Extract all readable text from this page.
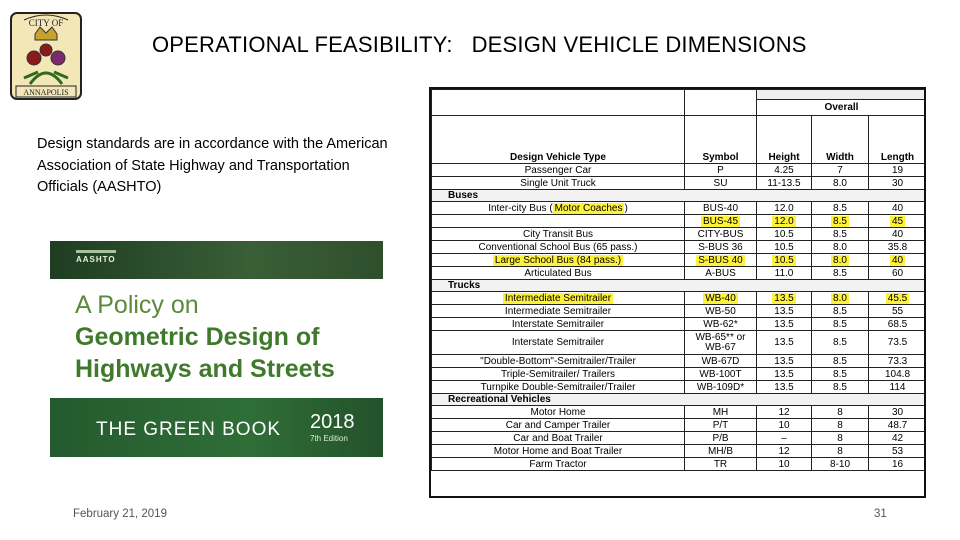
CITY OF
ANNAPOLIS
OPERATIONAL FEASIBILITY:   DESIGN VEHICLE DIMENSIONS
Design standards are in accordance with the American Association of State Highway and Transportation Officials (AASHTO)
AASHTO
A Policy on
Geometric Design of
Highways and Streets
THE GREEN BOOK 2018
7th Edition

		Overall		
Design Vehicle Type	Symbol	Height	Width	Length
Passenger Car	P	4.25	7	19
Single Unit Truck	SU	11-13.5	8.0	30
Buses				
Inter-city Bus ( Motor Coaches )	BUS-40	12.0	8.5	40
	BUS-45	12.0	8.5	45
City Transit Bus	CITY-BUS	10.5	8.5	40
Conventional School Bus (65 pass.)	S-BUS 36	10.5	8.0	35.8
Large School Bus (84 pass.)	S-BUS 40	10.5	8.0	40
Articulated Bus	A-BUS	11.0	8.5	60
Trucks				
Intermediate Semitrailer	WB-40	13.5	8.0	45.5
Intermediate Semitrailer	WB-50	13.5	8.5	55
Interstate Semitrailer	WB-62*	13.5	8.5	68.5
Interstate Semitrailer	WB-65** or WB-67	13.5	8.5	73.5
"Double-Bottom"-Semitrailer/Trailer	WB-67D	13.5	8.5	73.3
Triple-Semitrailer/ Trailers	WB-100T	13.5	8.5	104.8
Turnpike Double-Semitrailer/Trailer	WB-109D*	13.5	8.5	114
Recreational Vehicles				
Motor Home	MH	12	8	30
Car and Camper Trailer	P/T	10	8	48.7
Car and Boat Trailer	P/B	–	8	42
Motor Home and Boat Trailer	MH/B	12	8	53
Farm Tractor	TR	10	8-10	16
February 21, 2019	31
